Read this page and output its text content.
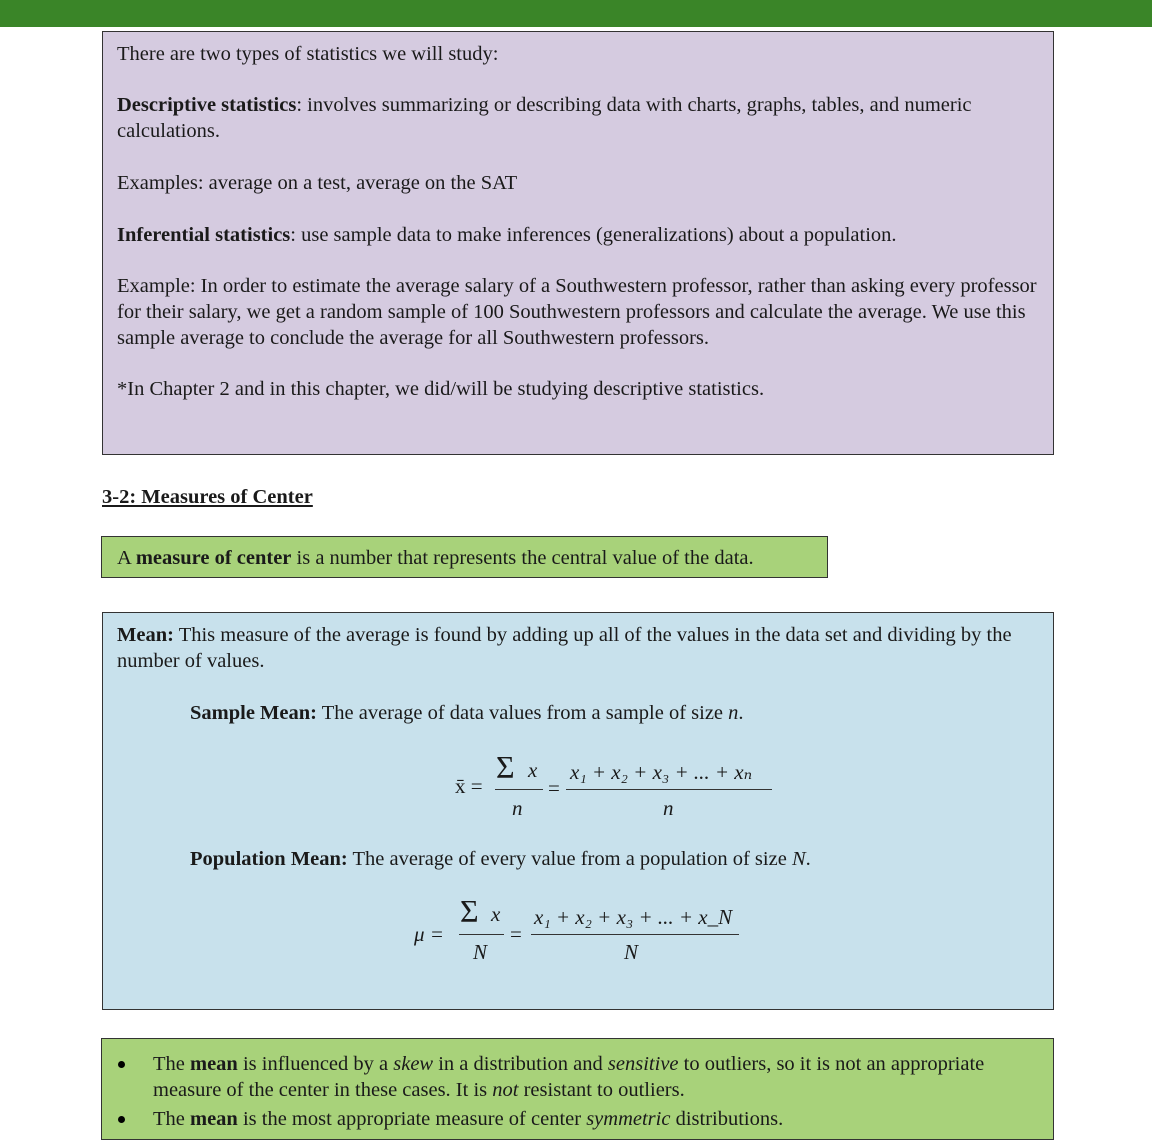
There are two types of statistics we will study:

Descriptive statistics: involves summarizing or describing data with charts, graphs, tables, and numeric calculations.

Examples: average on a test, average on the SAT

Inferential statistics: use sample data to make inferences (generalizations) about a population.

Example: In order to estimate the average salary of a Southwestern professor, rather than asking every professor for their salary, we get a random sample of 100 Southwestern professors and calculate the average. We use this sample average to conclude the average for all Southwestern professors.

*In Chapter 2 and in this chapter, we did/will be studying descriptive statistics.

3-2: Measures of Center

A measure of center is a number that represents the central value of the data.

Mean: This measure of the average is found by adding up all of the values in the data set and dividing by the number of values.

Sample Mean: The average of data values from a sample of size n.

x̄ =
Σ x
n
=
x₁ + x₂ + x₃ + ... + xₙ
n

Population Mean: The average of every value from a population of size N.

μ =
Σ x
N
=
x₁ + x₂ + x₃ + ... + x_N
N

The mean is influenced by a skew in a distribution and sensitive to outliers, so it is not an appropriate measure of the center in these cases. It is not resistant to outliers.

The mean is the most appropriate measure of center symmetric distributions.
